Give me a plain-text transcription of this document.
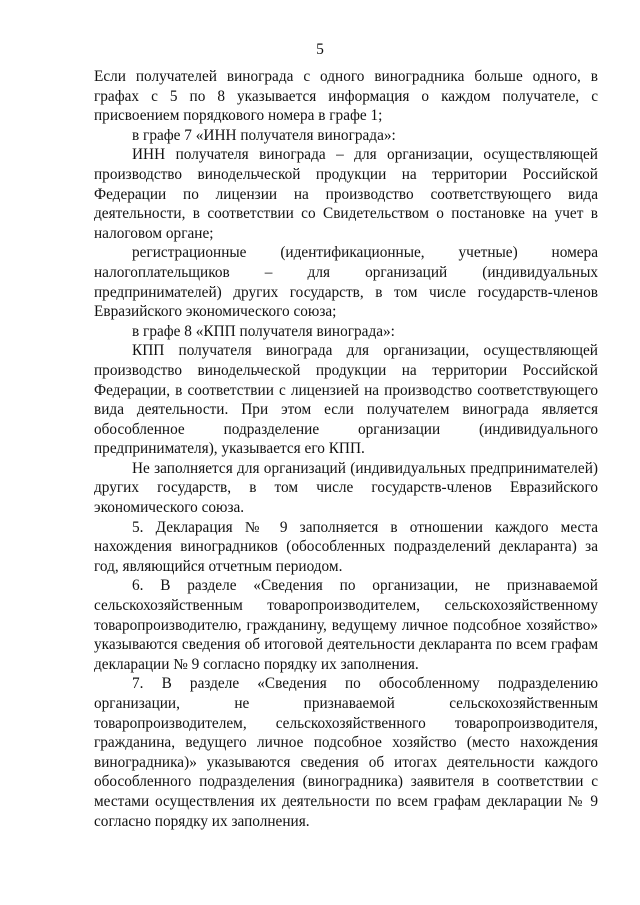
5

Если получателей винограда с одного виноградника больше одного, в графах с 5 по 8 указывается информация о каждом получателе, с присвоением порядкового номера в графе 1;

в графе 7 «ИНН получателя винограда»:

ИНН получателя винограда – для организации, осуществляющей производство винодельческой продукции на территории Российской Федерации по лицензии на производство соответствующего вида деятельности, в соответствии со Свидетельством о постановке на учет в налоговом органе;

регистрационные (идентификационные, учетные) номера налогоплательщиков – для организаций (индивидуальных предпринимателей) других государств, в том числе государств-членов Евразийского экономического союза;

в графе 8 «КПП получателя винограда»:

КПП получателя винограда для организации, осуществляющей производство винодельческой продукции на территории Российской Федерации, в соответствии с лицензией на производство соответствующего вида деятельности. При этом если получателем винограда является обособленное подразделение организации (индивидуального предпринимателя), указывается его КПП.

Не заполняется для организаций (индивидуальных предпринимателей) других государств, в том числе государств-членов Евразийского экономического союза.

5. Декларация № 9 заполняется в отношении каждого места нахождения виноградников (обособленных подразделений декларанта) за год, являющийся отчетным периодом.

6. В разделе «Сведения по организации, не признаваемой сельскохозяйственным товаропроизводителем, сельскохозяйственному товаропроизводителю, гражданину, ведущему личное подсобное хозяйство» указываются сведения об итоговой деятельности декларанта по всем графам декларации № 9 согласно порядку их заполнения.

7. В разделе «Сведения по обособленному подразделению организации, не признаваемой сельскохозяйственным товаропроизводителем, сельскохозяйственного товаропроизводителя, гражданина, ведущего личное подсобное хозяйство (место нахождения виноградника)» указываются сведения об итогах деятельности каждого обособленного подразделения (виноградника) заявителя в соответствии с местами осуществления их деятельности по всем графам декларации № 9 согласно порядку их заполнения.
